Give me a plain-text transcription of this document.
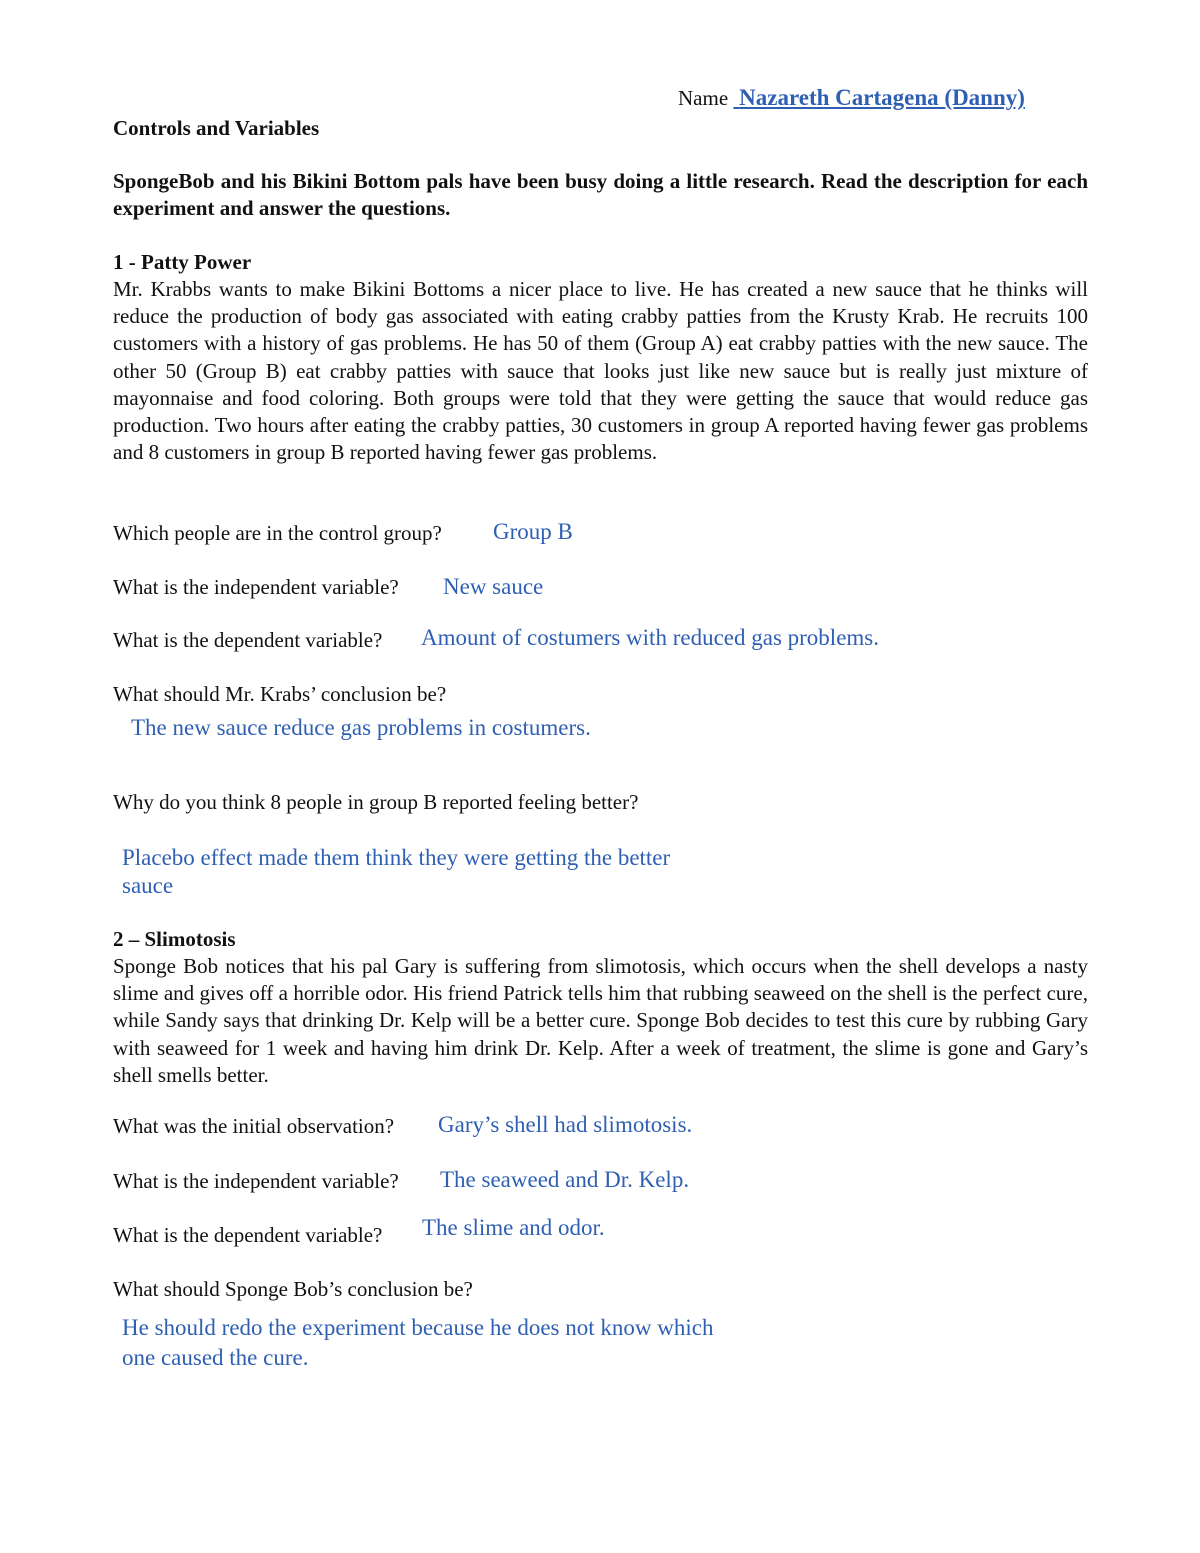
Name Nazareth Cartagena (Danny)
Controls and Variables
SpongeBob and his Bikini Bottom pals have been busy doing a little research. Read the description for each experiment and answer the questions.
1 - Patty Power
Mr. Krabbs wants to make Bikini Bottoms a nicer place to live. He has created a new sauce that he thinks will reduce the production of body gas associated with eating crabby patties from the Krusty Krab. He recruits 100 customers with a history of gas problems. He has 50 of them (Group A) eat crabby patties with the new sauce. The other 50 (Group B) eat crabby patties with sauce that looks just like new sauce but is really just mixture of mayonnaise and food coloring. Both groups were told that they were getting the sauce that would reduce gas production. Two hours after eating the crabby patties, 30 customers in group A reported having fewer gas problems and 8 customers in group B reported having fewer gas problems.
Which people are in the control group? Group B
What is the independent variable? New sauce
What is the dependent variable? Amount of costumers with reduced gas problems.
What should Mr. Krabs’ conclusion be?
The new sauce reduce gas problems in costumers.
Why do you think 8 people in group B reported feeling better?
Placebo effect made them think they were getting the better
sauce
2 – Slimotosis
Sponge Bob notices that his pal Gary is suffering from slimotosis, which occurs when the shell develops a nasty slime and gives off a horrible odor. His friend Patrick tells him that rubbing seaweed on the shell is the perfect cure, while Sandy says that drinking Dr. Kelp will be a better cure. Sponge Bob decides to test this cure by rubbing Gary with seaweed for 1 week and having him drink Dr. Kelp. After a week of treatment, the slime is gone and Gary’s shell smells better.
What was the initial observation? Gary’s shell had slimotosis.
What is the independent variable? The seaweed and Dr. Kelp.
What is the dependent variable? The slime and odor.
What should Sponge Bob’s conclusion be?
He should redo the experiment because he does not know which
one caused the cure.
